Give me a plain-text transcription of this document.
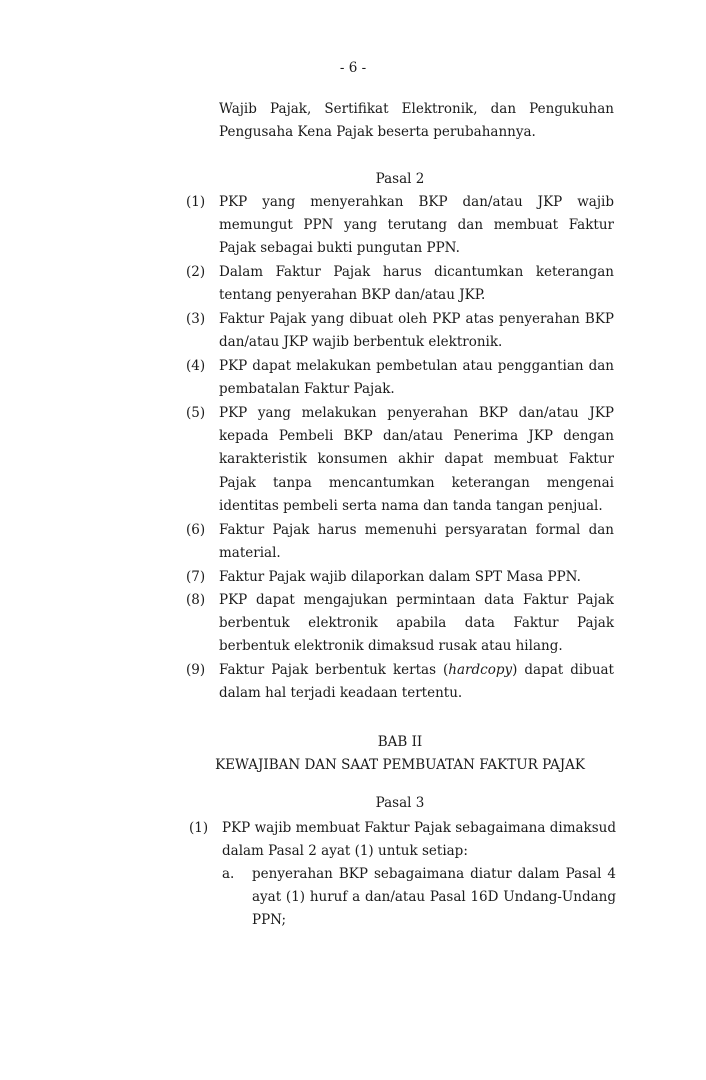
- 6 -
Wajib Pajak, Sertifikat Elektronik, dan Pengukuhan Pengusaha Kena Pajak beserta perubahannya.
Pasal 2
(1)	PKP yang menyerahkan BKP dan/atau JKP wajib memungut PPN yang terutang dan membuat Faktur Pajak sebagai bukti pungutan PPN.
(2)	Dalam Faktur Pajak harus dicantumkan keterangan tentang penyerahan BKP dan/atau JKP.
(3)	Faktur Pajak yang dibuat oleh PKP atas penyerahan BKP dan/atau JKP wajib berbentuk elektronik.
(4)	PKP dapat melakukan pembetulan atau penggantian dan pembatalan Faktur Pajak.
(5)	PKP yang melakukan penyerahan BKP dan/atau JKP kepada Pembeli BKP dan/atau Penerima JKP dengan karakteristik konsumen akhir dapat membuat Faktur Pajak tanpa mencantumkan keterangan mengenai identitas pembeli serta nama dan tanda tangan penjual.
(6)	Faktur Pajak harus memenuhi persyaratan formal dan material.
(7)	Faktur Pajak wajib dilaporkan dalam SPT Masa PPN.
(8)	PKP dapat mengajukan permintaan data Faktur Pajak berbentuk elektronik apabila data Faktur Pajak berbentuk elektronik dimaksud rusak atau hilang.
(9)	Faktur Pajak berbentuk kertas (hardcopy) dapat dibuat dalam hal terjadi keadaan tertentu.
BAB II
KEWAJIBAN DAN SAAT PEMBUATAN FAKTUR PAJAK
Pasal 3
(1)	PKP wajib membuat Faktur Pajak sebagaimana dimaksud dalam Pasal 2 ayat (1) untuk setiap:
a. penyerahan BKP sebagaimana diatur dalam Pasal 4 ayat (1) huruf a dan/atau Pasal 16D Undang-Undang PPN;
